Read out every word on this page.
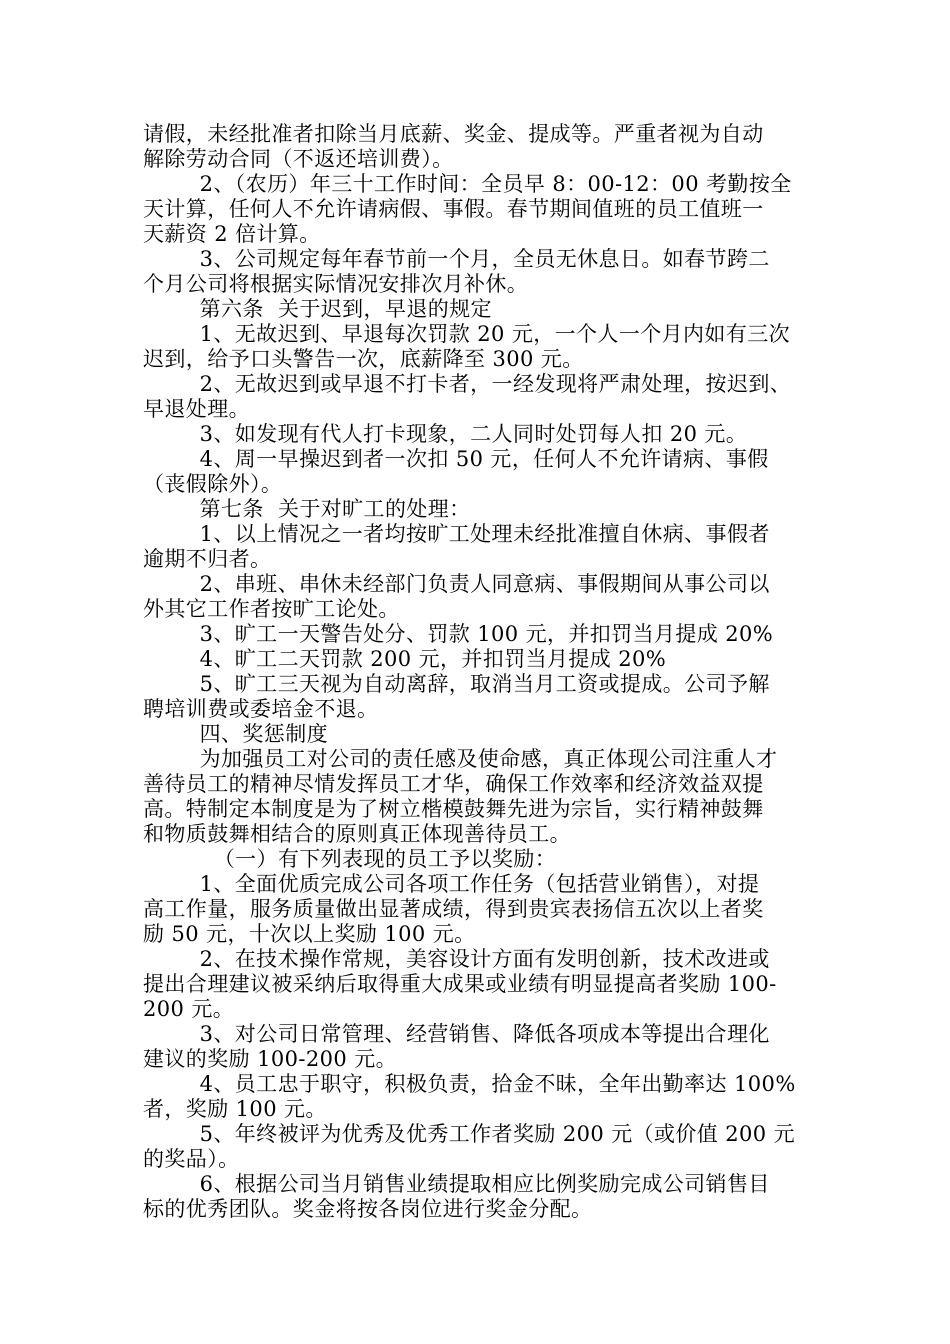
请假，未经批准者扣除当月底薪、奖金、提成等。严重者视为自动

解除劳动合同（不返还培训费）。

2、（农历）年三十工作时间：全员早 8：00-12：00 考勤按全

天计算，任何人不允许请病假、事假。春节期间值班的员工值班一

天薪资 2 倍计算。

3、公司规定每年春节前一个月，全员无休息日。如春节跨二

个月公司将根据实际情况安排次月补休。

第六条  关于迟到，早退的规定

1、无故迟到、早退每次罚款 20 元，一个人一个月内如有三次

迟到，给予口头警告一次，底薪降至 300 元。

2、无故迟到或早退不打卡者，一经发现将严肃处理，按迟到、

早退处理。

3、如发现有代人打卡现象，二人同时处罚每人扣 20 元。

4、周一早操迟到者一次扣 50 元，任何人不允许请病、事假

（丧假除外）。

第七条  关于对旷工的处理：

1、以上情况之一者均按旷工处理未经批准擅自休病、事假者

逾期不归者。

2、串班、串休未经部门负责人同意病、事假期间从事公司以

外其它工作者按旷工论处。

3、旷工一天警告处分、罚款 100 元，并扣罚当月提成 20%

4、旷工二天罚款 200 元，并扣罚当月提成 20%

5、旷工三天视为自动离辞，取消当月工资或提成。公司予解

聘培训费或委培金不退。

四、奖惩制度

为加强员工对公司的责任感及使命感，真正体现公司注重人才

善待员工的精神尽情发挥员工才华，确保工作效率和经济效益双提

高。特制定本制度是为了树立楷模鼓舞先进为宗旨，实行精神鼓舞

和物质鼓舞相结合的原则真正体现善待员工。

（一）有下列表现的员工予以奖励：

1、全面优质完成公司各项工作任务（包括营业销售），对提

高工作量，服务质量做出显著成绩，得到贵宾表扬信五次以上者奖

励 50 元，十次以上奖励 100 元。

2、在技术操作常规，美容设计方面有发明创新，技术改进或

提出合理建议被采纳后取得重大成果或业绩有明显提高者奖励 100-

200 元。

3、对公司日常管理、经营销售、降低各项成本等提出合理化

建议的奖励 100-200 元。

4、员工忠于职守，积极负责，拾金不昧，全年出勤率达 100%

者，奖励 100 元。

5、年终被评为优秀及优秀工作者奖励 200 元（或价值 200 元

的奖品）。

6、根据公司当月销售业绩提取相应比例奖励完成公司销售目

标的优秀团队。奖金将按各岗位进行奖金分配。
